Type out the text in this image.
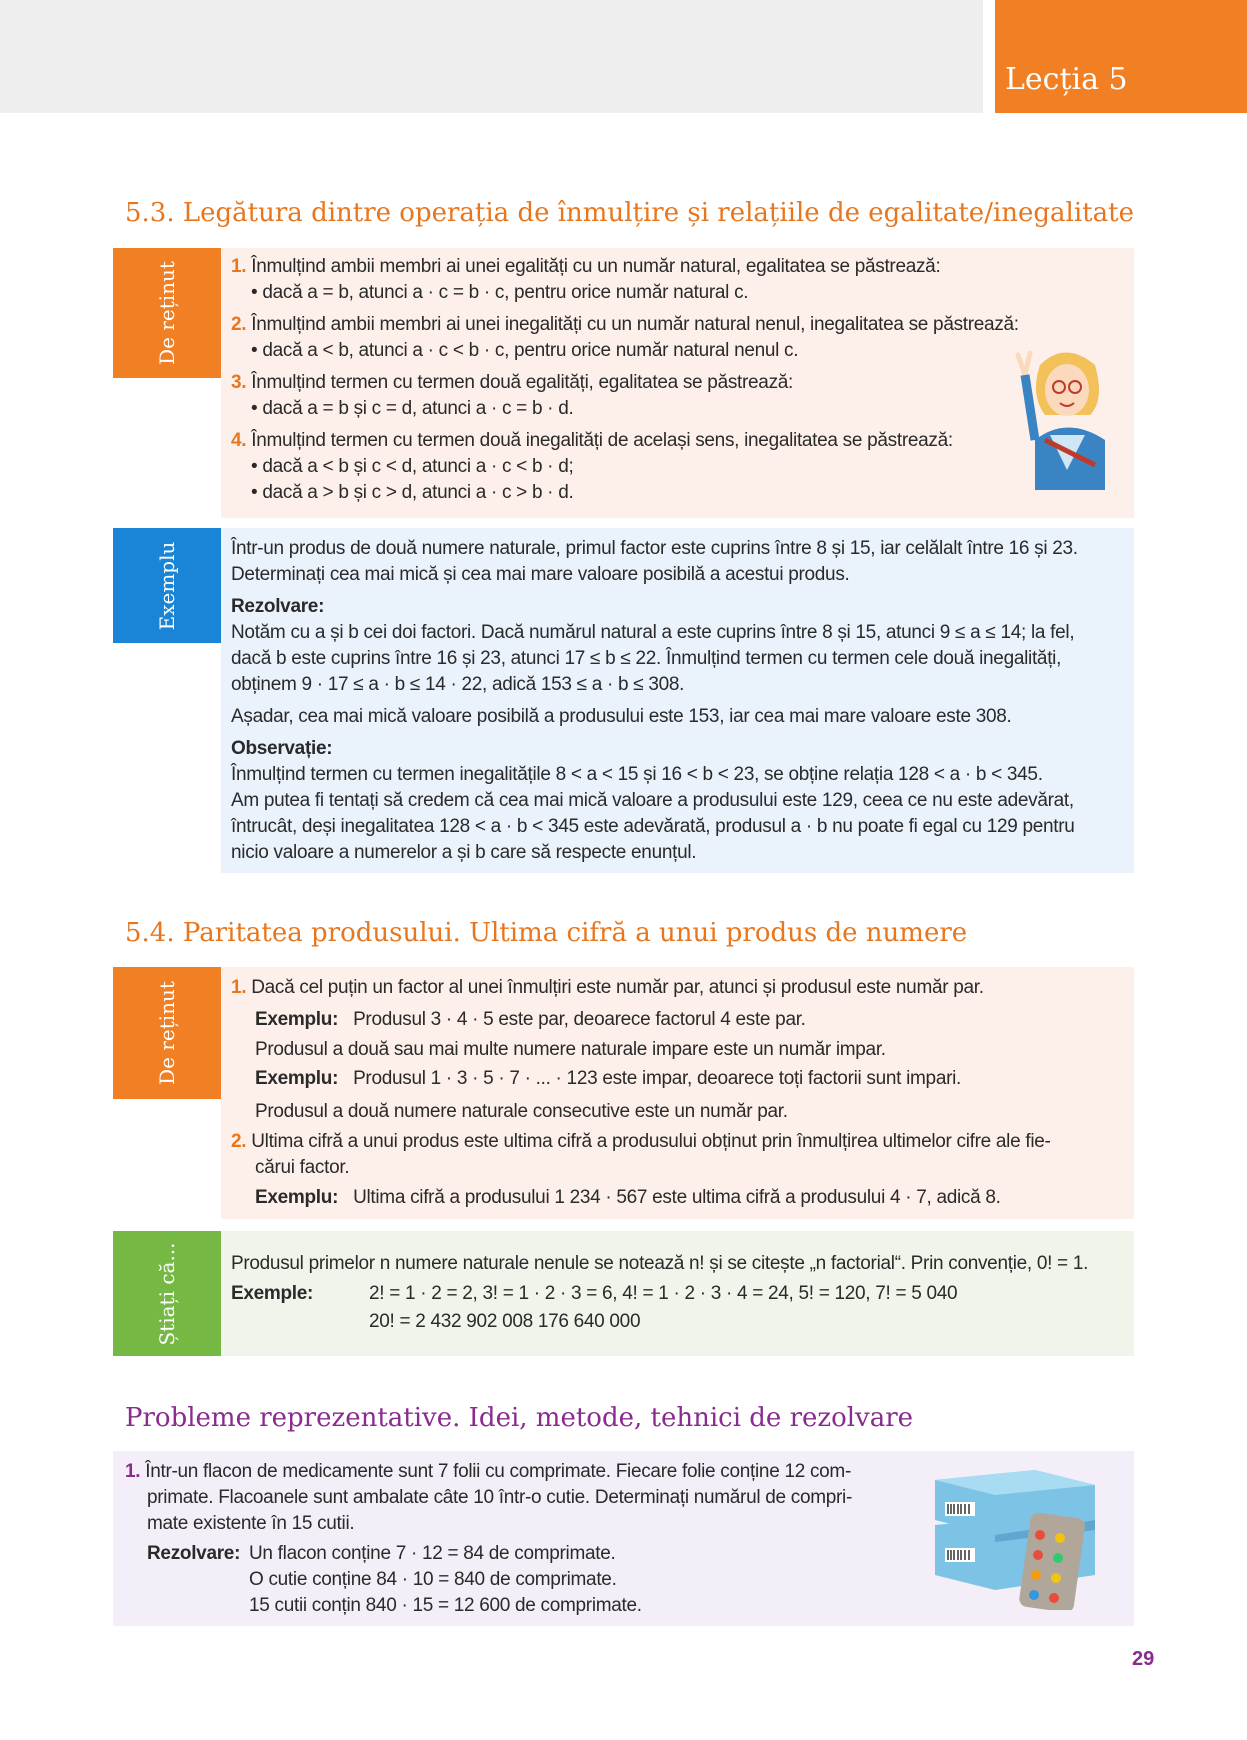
Lecția 5
5.3. Legătura dintre operația de înmulțire și relațiile de egalitate/inegalitate
De reținut	1. Înmulțind ambii membri ai unei egalități cu un număr natural, egalitatea se păstrează:
• dacă a = b, atunci a · c = b · c, pentru orice număr natural c.
2. Înmulțind ambii membri ai unei inegalități cu un număr natural nenul, inegalitatea se păstrează:
• dacă a < b, atunci a · c < b · c, pentru orice număr natural nenul c.
3. Înmulțind termen cu termen două egalități, egalitatea se păstrează:
• dacă a = b și c = d, atunci a · c = b · d.
4. Înmulțind termen cu termen două inegalități de același sens, inegalitatea se păstrează:
• dacă a < b și c < d, atunci a · c < b · d;
• dacă a > b și c > d, atunci a · c > b · d.
Exemplu	Într-un produs de două numere naturale, primul factor este cuprins între 8 și 15, iar celălalt între 16 și 23.
Determinați cea mai mică și cea mai mare valoare posibilă a acestui produs.
Rezolvare:
Notăm cu a și b cei doi factori. Dacă numărul natural a este cuprins între 8 și 15, atunci 9 ≤ a ≤ 14; la fel,
dacă b este cuprins între 16 și 23, atunci 17 ≤ b ≤ 22. Înmulțind termen cu termen cele două inegalități,
obținem 9 · 17 ≤ a · b ≤ 14 · 22, adică 153 ≤ a · b ≤ 308.
Așadar, cea mai mică valoare posibilă a produsului este 153, iar cea mai mare valoare este 308.
Observație:
Înmulțind termen cu termen inegalitățile 8 < a < 15 și 16 < b < 23, se obține relația 128 < a · b < 345.
Am putea fi tentați să credem că cea mai mică valoare a produsului este 129, ceea ce nu este adevărat,
întrucât, deși inegalitatea 128 < a · b < 345 este adevărată, produsul a · b nu poate fi egal cu 129 pentru
nicio valoare a numerelor a și b care să respecte enunțul.
5.4. Paritatea produsului. Ultima cifră a unui produs de numere
De reținut	1. Dacă cel puțin un factor al unei înmulțiri este număr par, atunci și produsul este număr par.
Exemplu: Produsul 3 · 4 · 5 este par, deoarece factorul 4 este par.
Produsul a două sau mai multe numere naturale impare este un număr impar.
Exemplu: Produsul 1 · 3 · 5 · 7 · ... · 123 este impar, deoarece toți factorii sunt impari.
Produsul a două numere naturale consecutive este un număr par.
2. Ultima cifră a unui produs este ultima cifră a produsului obținut prin înmulțirea ultimelor cifre ale fie-
cărui factor.
Exemplu: Ultima cifră a produsului 1 234 · 567 este ultima cifră a produsului 4 · 7, adică 8.
Știați că...	Produsul primelor n numere naturale nenule se notează n! și se citește „n factorial“. Prin convenție, 0! = 1.
Exemple:	2! = 1 · 2 = 2, 3! = 1 · 2 · 3 = 6, 4! = 1 · 2 · 3 · 4 = 24, 5! = 120, 7! = 5 040
20! = 2 432 902 008 176 640 000
Probleme reprezentative. Idei, metode, tehnici de rezolvare
1. Într-un flacon de medicamente sunt 7 folii cu comprimate. Fiecare folie conține 12 com-
primate. Flacoanele sunt ambalate câte 10 într-o cutie. Determinați numărul de compri-
mate existente în 15 cutii.
Rezolvare: Un flacon conține 7 · 12 = 84 de comprimate.
O cutie conține 84 · 10 = 840 de comprimate.
15 cutii conțin 840 · 15 = 12 600 de comprimate.
29
